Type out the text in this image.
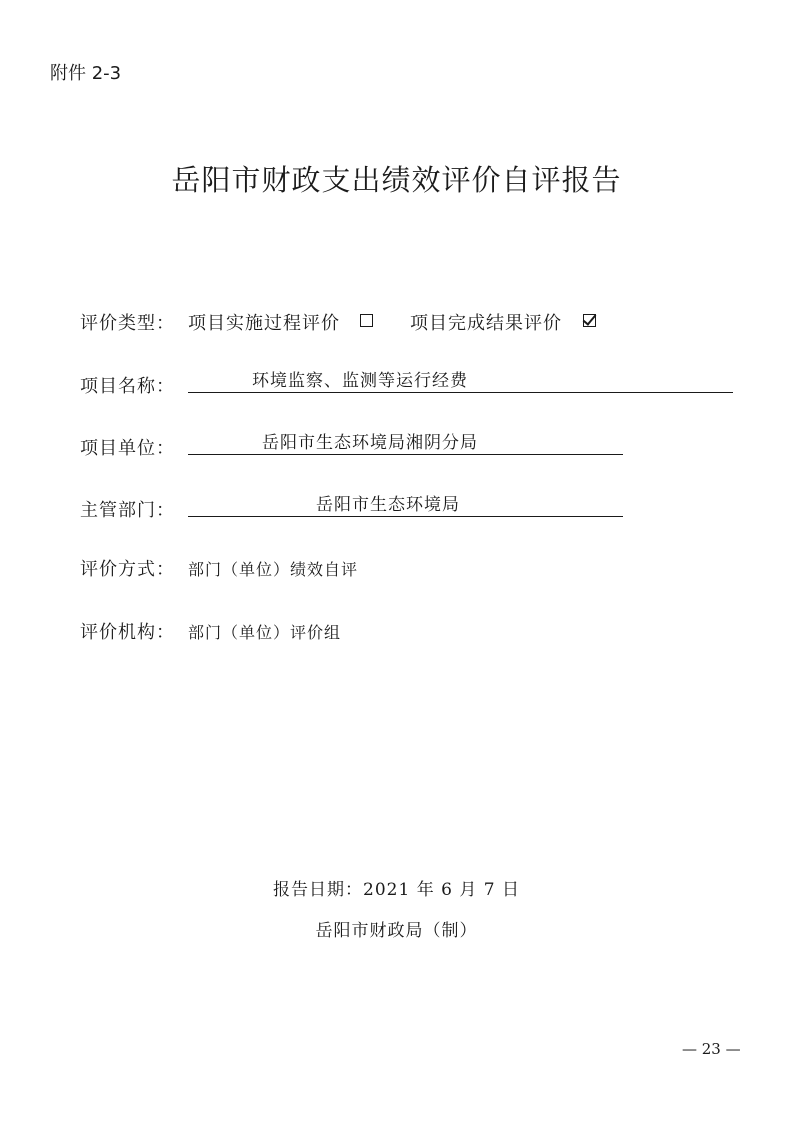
附件 2-3
岳阳市财政支出绩效评价自评报告
评价类型： 项目实施过程评价	项目完成结果评价
项目名称：	环境监察、监测等运行经费
项目单位：	岳阳市生态环境局湘阴分局
主管部门：	岳阳市生态环境局
评价方式： 部门（单位）绩效自评
评价机构： 部门（单位）评价组
报告日期：2021 年 6 月 7 日
岳阳市财政局（制）
— 23 —
